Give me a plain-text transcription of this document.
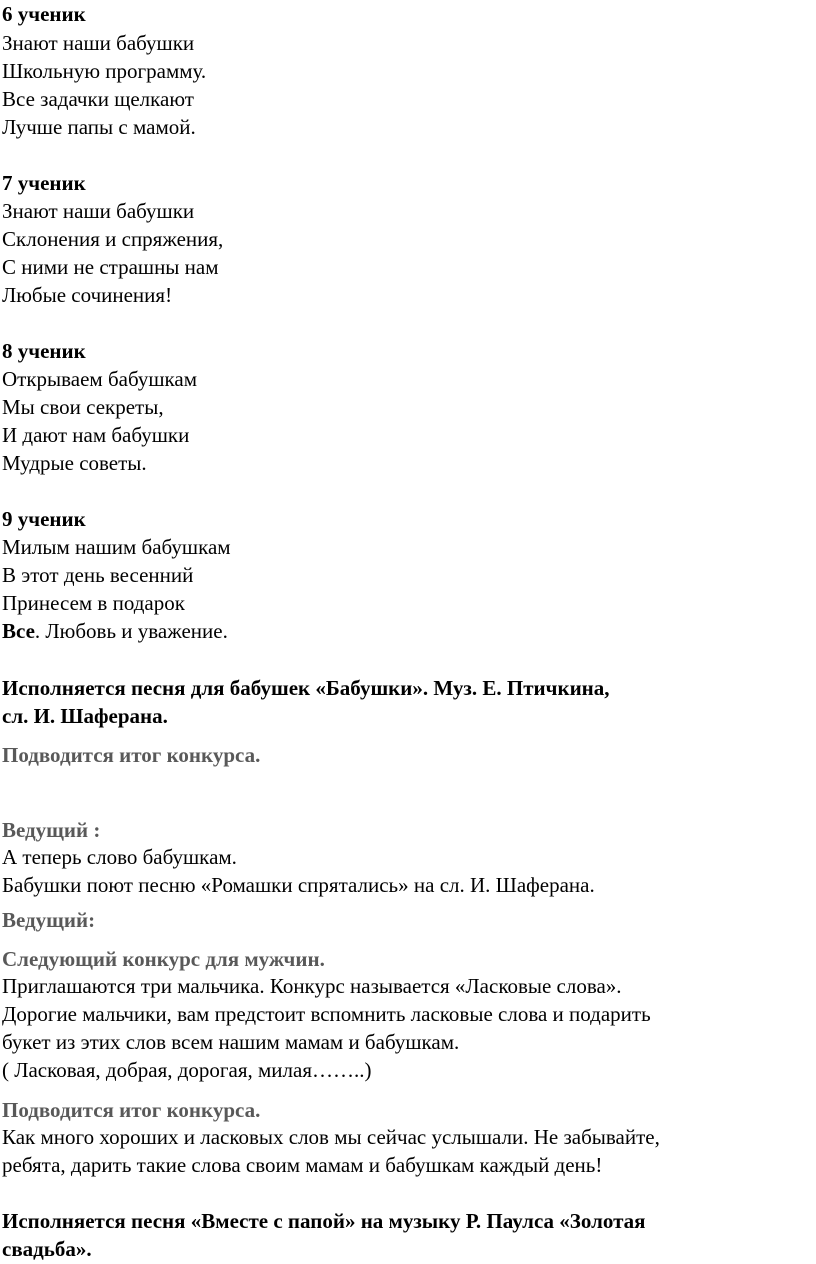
6 ученик
Знают наши бабушки
Школьную программу.
Все задачки щелкают
Лучше папы с мамой.
7 ученик
Знают наши бабушки
Склонения и спряжения,
С ними не страшны нам
Любые сочинения!
8 ученик
Открываем бабушкам
Мы свои секреты,
И дают нам бабушки
Мудрые советы.
9 ученик
Милым нашим бабушкам
В этот день весенний
Принесем в подарок
Все. Любовь и уважение.
Исполняется песня для бабушек «Бабушки». Муз. Е. Птичкина,
сл. И. Шаферана.
Подводится итог конкурса.
Ведущий :
А теперь слово бабушкам.
Бабушки поют песню «Ромашки спрятались» на сл. И. Шаферана.
Ведущий:
Следующий конкурс для мужчин.
Приглашаются три мальчика. Конкурс называется «Ласковые слова».
Дорогие мальчики, вам предстоит вспомнить ласковые слова и подарить
букет из этих слов всем нашим мамам и бабушкам.
( Ласковая, добрая, дорогая, милая……..)
Подводится итог конкурса.
Как много хороших и ласковых слов мы сейчас услышали. Не забывайте,
ребята, дарить такие слова своим мамам и бабушкам каждый день!
Исполняется песня «Вместе с папой» на музыку Р. Паулса «Золотая
свадьба».
